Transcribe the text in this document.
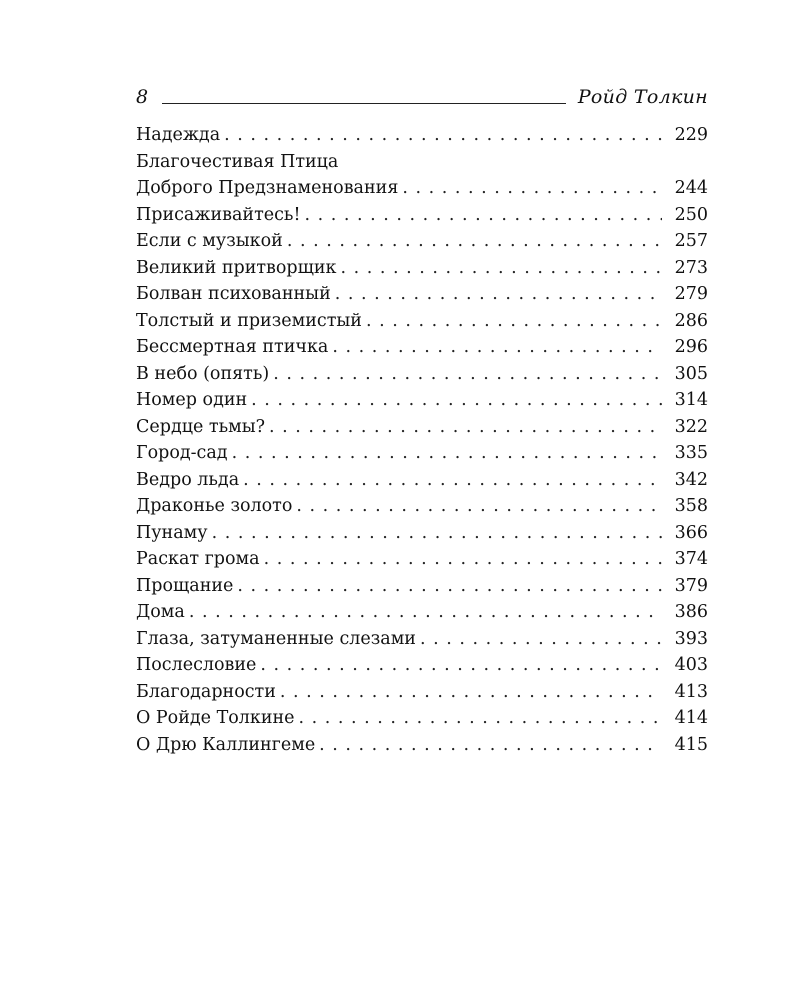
8	Ройд Толкин
Надежда . . .	229
Благочестивая Птица
Доброго Предзнаменования . . .	244
Присаживайтесь! . . .	250
Если с музыкой . . .	257
Великий притворщик . . .	273
Болван психованный . . .	279
Толстый и приземистый . . .	286
Бессмертная птичка . . .	296
В небо (опять) . . .	305
Номер один . . .	314
Сердце тьмы? . . .	322
Город-сад . . .	335
Ведро льда . . .	342
Драконье золото . . .	358
Пунаму . . .	366
Раскат грома . . .	374
Прощание . . .	379
Дома . . .	386
Глаза, затуманенные слезами . . .	393
Послесловие . . .	403
Благодарности . . .	413
О Ройде Толкине . . .	414
О Дрю Каллингеме . . .	415
